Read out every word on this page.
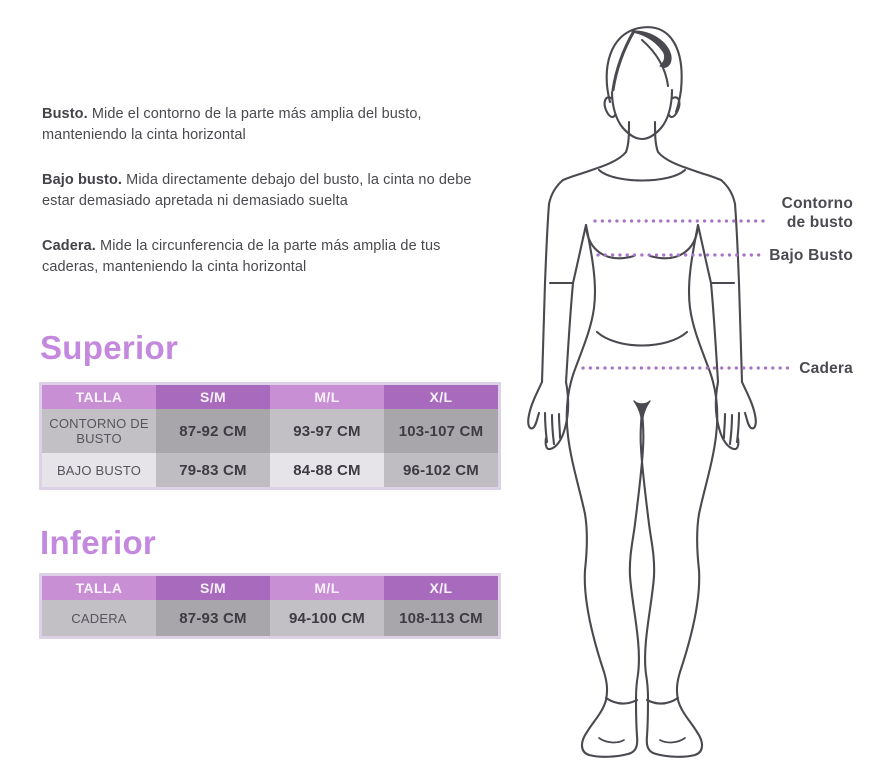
Busto. Mide el contorno de la parte más amplia del busto, manteniendo la cinta horizontal

Bajo busto. Mida directamente debajo del busto, la cinta no debe estar demasiado apretada ni demasiado suelta

Cadera. Mide la circunferencia de la parte más amplia de tus caderas, manteniendo la cinta horizontal

Superior
TALLA	S/M	M/L	X/L
CONTORNO DE BUSTO	87-92 CM	93-97 CM	103-107 CM
BAJO BUSTO	79-83 CM	84-88 CM	96-102 CM
Inferior
TALLA	S/M	M/L	X/L
CADERA	87-93 CM	94-100 CM	108-113 CM
Contorno
de busto
Bajo Busto
Cadera
